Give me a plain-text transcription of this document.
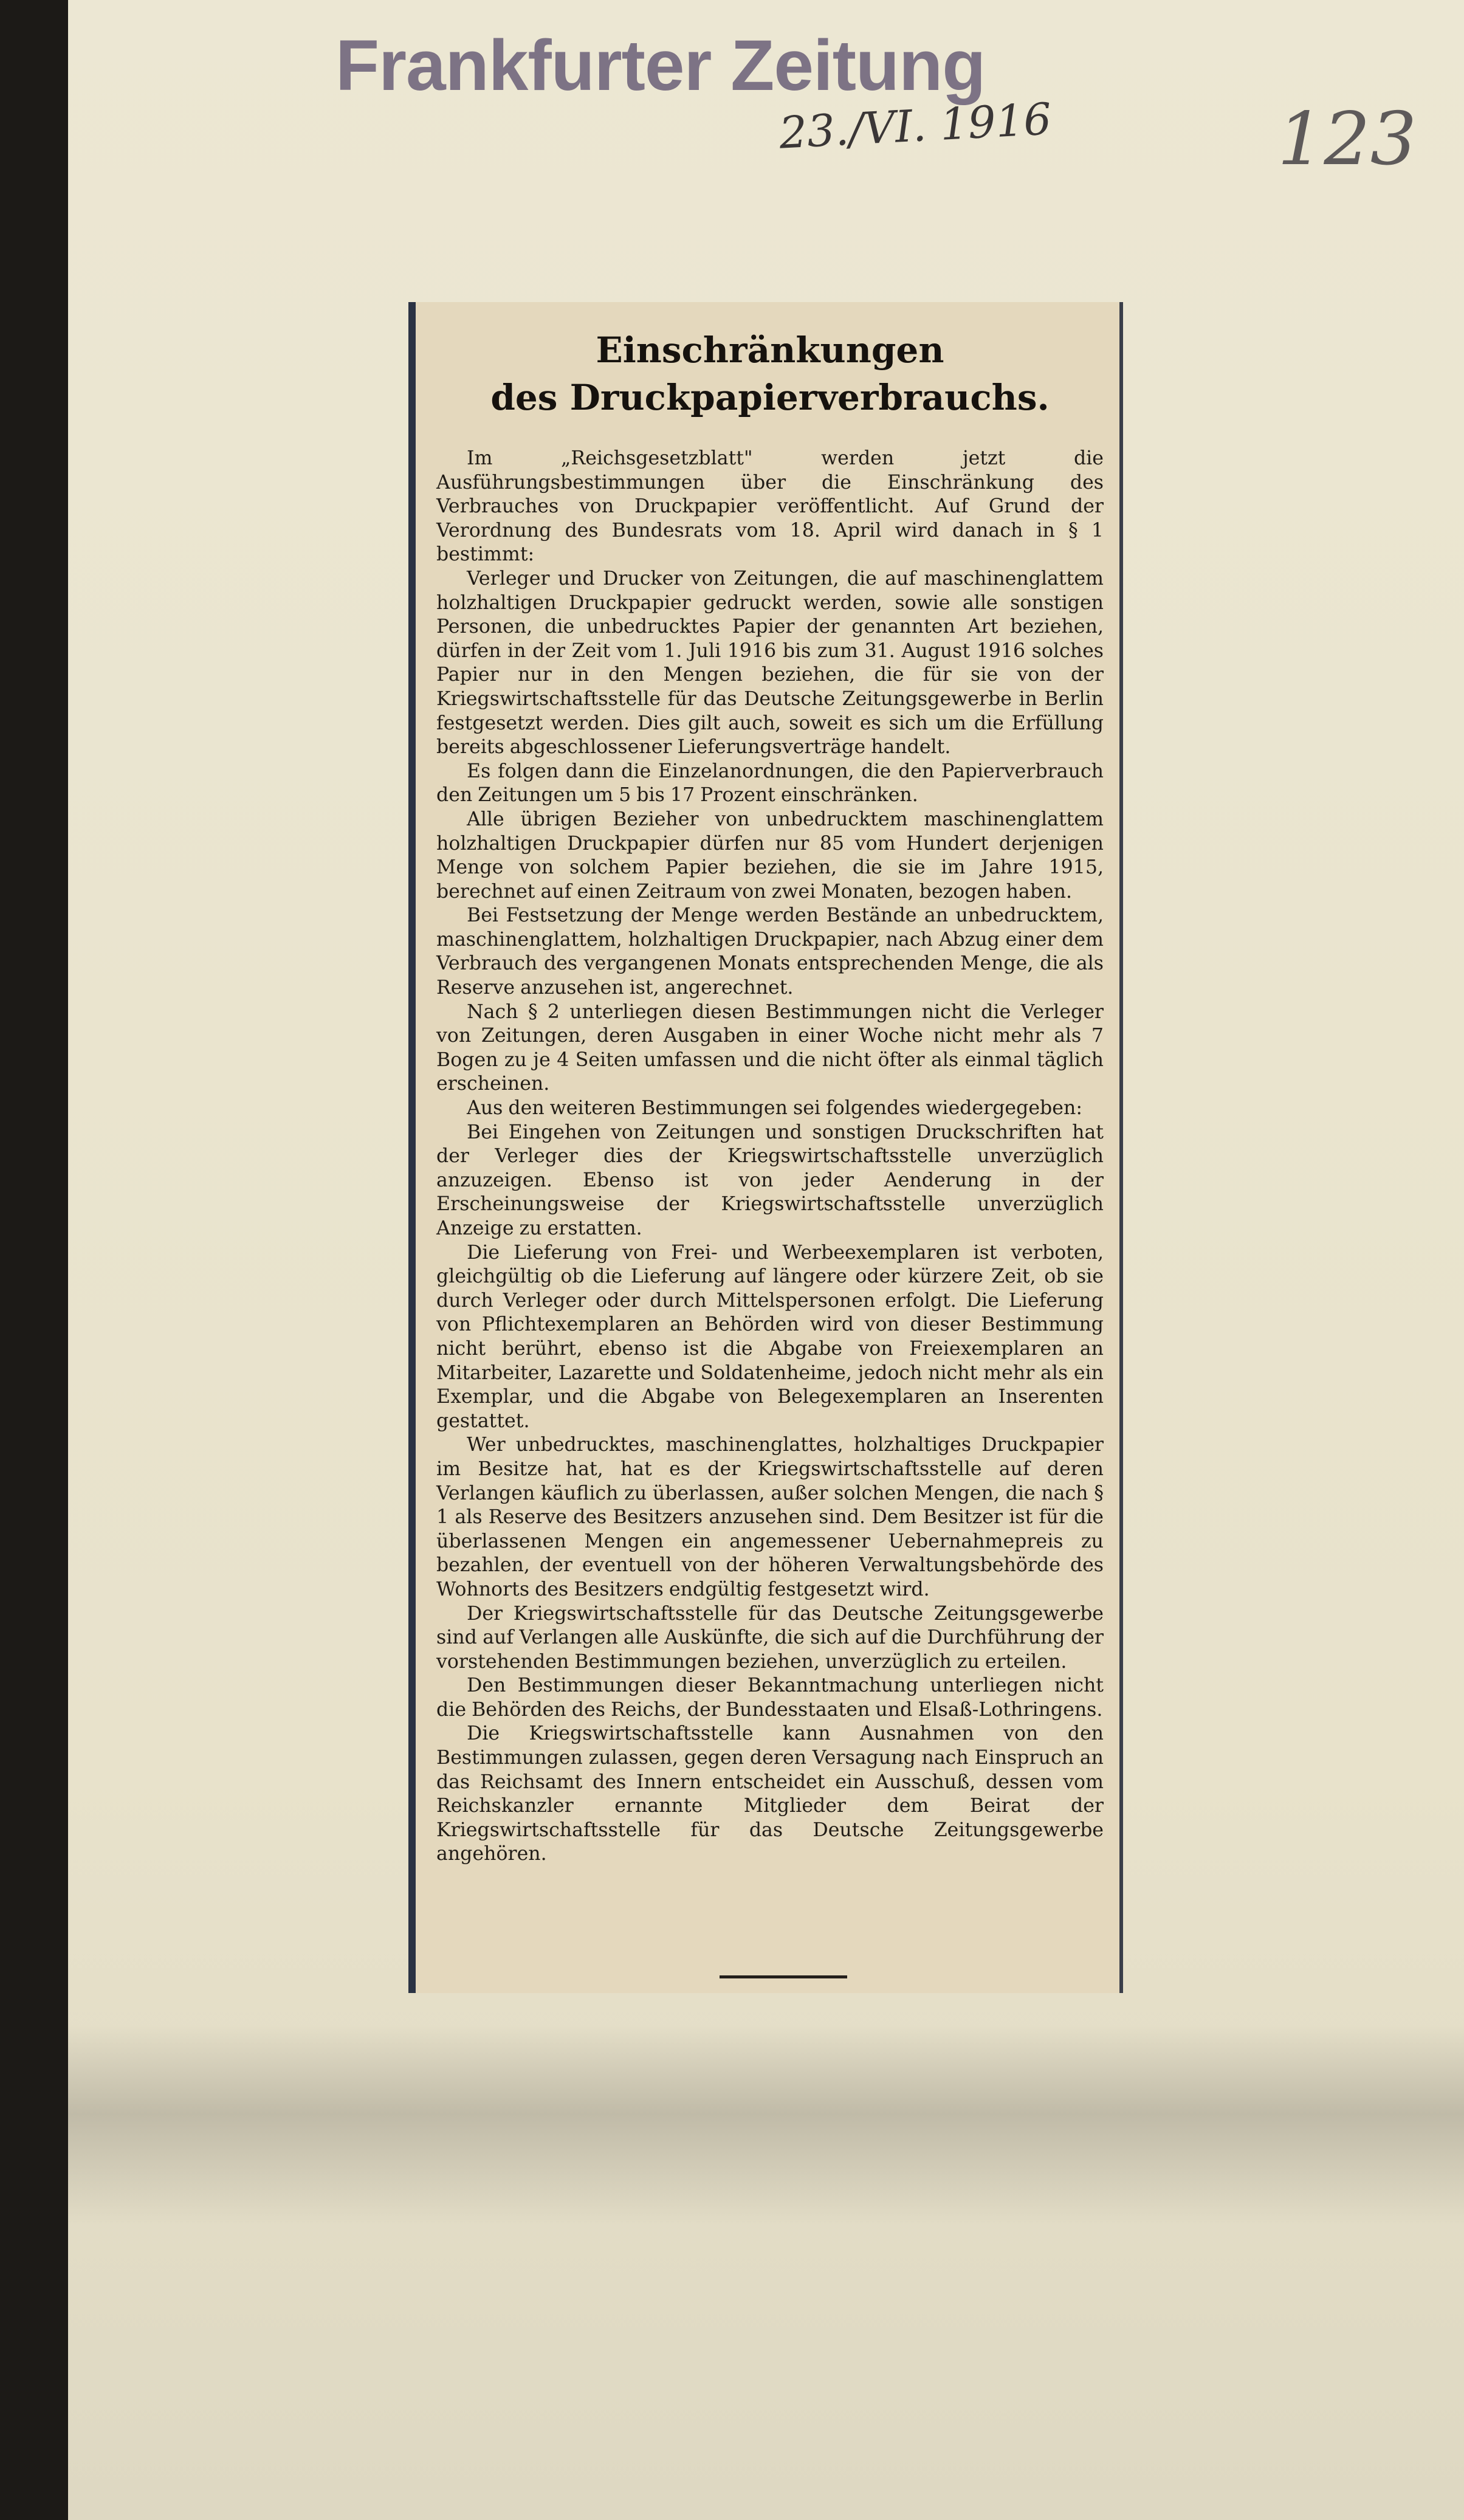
Frankfurter Zeitung
23./VI. 1916	123
Einschränkungen
des Druckpapierverbrauchs.

Im „Reichsgesetzblatt" werden jetzt die Ausführungsbestimmungen über die Einschränkung des Verbrauches von Druckpapier veröffentlicht. Auf Grund der Verordnung des Bundesrats vom 18. April wird danach in § 1 bestimmt:

Verleger und Drucker von Zeitungen, die auf maschinenglattem holzhaltigen Druckpapier gedruckt werden, sowie alle sonstigen Personen, die unbedrucktes Papier der genannten Art beziehen, dürfen in der Zeit vom 1. Juli 1916 bis zum 31. August 1916 solches Papier nur in den Mengen beziehen, die für sie von der Kriegswirtschaftsstelle für das Deutsche Zeitungsgewerbe in Berlin festgesetzt werden. Dies gilt auch, soweit es sich um die Erfüllung bereits abgeschlossener Lieferungsverträge handelt.

Es folgen dann die Einzelanordnungen, die den Papierverbrauch den Zeitungen um 5 bis 17 Prozent einschränken.

Alle übrigen Bezieher von unbedrucktem maschinenglattem holzhaltigen Druckpapier dürfen nur 85 vom Hundert derjenigen Menge von solchem Papier beziehen, die sie im Jahre 1915, berechnet auf einen Zeitraum von zwei Monaten, bezogen haben.

Bei Festsetzung der Menge werden Bestände an unbedrucktem, maschinenglattem, holzhaltigen Druckpapier, nach Abzug einer dem Verbrauch des vergangenen Monats entsprechenden Menge, die als Reserve anzusehen ist, angerechnet.

Nach § 2 unterliegen diesen Bestimmungen nicht die Verleger von Zeitungen, deren Ausgaben in einer Woche nicht mehr als 7 Bogen zu je 4 Seiten umfassen und die nicht öfter als einmal täglich erscheinen.

Aus den weiteren Bestimmungen sei folgendes wiedergegeben:

Bei Eingehen von Zeitungen und sonstigen Druckschriften hat der Verleger dies der Kriegswirtschaftsstelle unverzüglich anzuzeigen. Ebenso ist von jeder Aenderung in der Erscheinungsweise der Kriegswirtschaftsstelle unverzüglich Anzeige zu erstatten.

Die Lieferung von Frei- und Werbeexemplaren ist verboten, gleichgültig ob die Lieferung auf längere oder kürzere Zeit, ob sie durch Verleger oder durch Mittelspersonen erfolgt. Die Lieferung von Pflichtexemplaren an Behörden wird von dieser Bestimmung nicht berührt, ebenso ist die Abgabe von Freiexemplaren an Mitarbeiter, Lazarette und Soldatenheime, jedoch nicht mehr als ein Exemplar, und die Abgabe von Belegexemplaren an Inserenten gestattet.

Wer unbedrucktes, maschinenglattes, holzhaltiges Druckpapier im Besitze hat, hat es der Kriegswirtschaftsstelle auf deren Verlangen käuflich zu überlassen, außer solchen Mengen, die nach § 1 als Reserve des Besitzers anzusehen sind. Dem Besitzer ist für die überlassenen Mengen ein angemessener Uebernahmepreis zu bezahlen, der eventuell von der höheren Verwaltungsbehörde des Wohnorts des Besitzers endgültig festgesetzt wird.

Der Kriegswirtschaftsstelle für das Deutsche Zeitungsgewerbe sind auf Verlangen alle Auskünfte, die sich auf die Durchführung der vorstehenden Bestimmungen beziehen, unverzüglich zu erteilen.

Den Bestimmungen dieser Bekanntmachung unterliegen nicht die Behörden des Reichs, der Bundesstaaten und Elsaß-Lothringens.

Die Kriegswirtschaftsstelle kann Ausnahmen von den Bestimmungen zulassen, gegen deren Versagung nach Einspruch an das Reichsamt des Innern entscheidet ein Ausschuß, dessen vom Reichskanzler ernannte Mitglieder dem Beirat der Kriegswirtschaftsstelle für das Deutsche Zeitungsgewerbe angehören.
